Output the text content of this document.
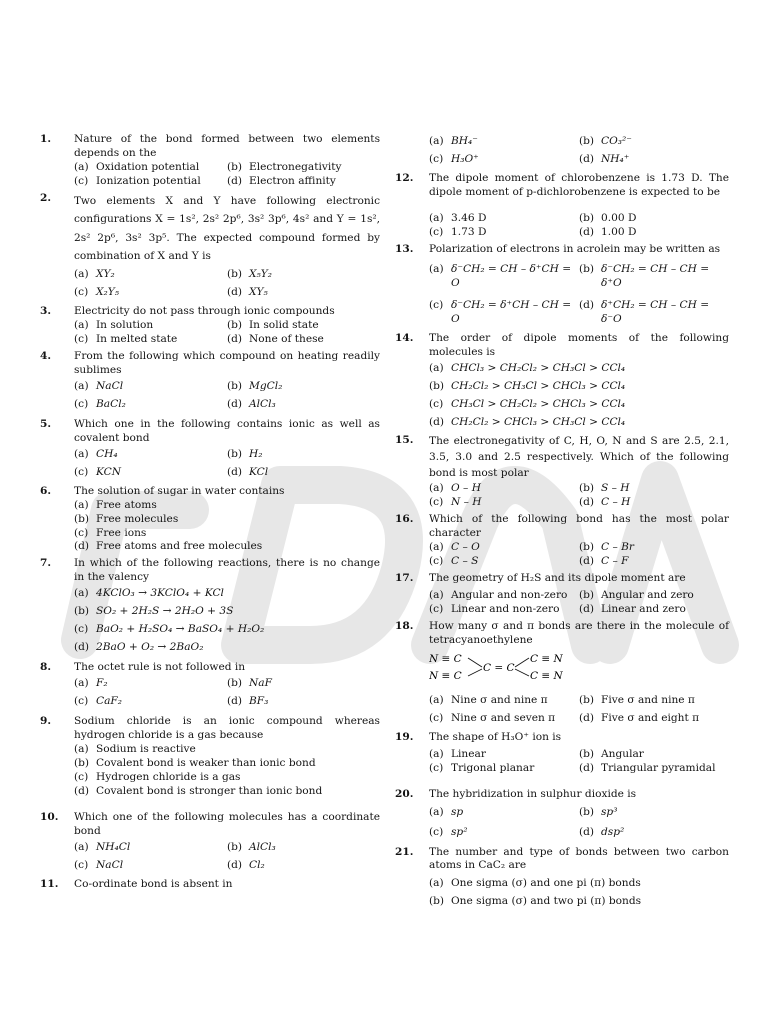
1.	Nature of the bond formed between two elements depends on the
(a) Oxidation potential	(b) Electronegativity
(c) Ionization potential (d) Electron affinity
2.	Two elements X and Y have following electronic configurations X = 1s², 2s² 2p⁶, 3s² 3p⁶, 4s² and Y = 1s², 2s² 2p⁶, 3s² 3p⁵. The expected compound formed by combination of X and Y is
(a) XY₂	(b) X₅Y₂
(c) X₂Y₅	(d) XY₅
3.	Electricity do not pass through ionic compounds
(a) In solution	(b) In solid state
(c) In melted state	(d) None of these
4.	From the following which compound on heating readily sublimes
(a) NaCl	(b) MgCl₂
(c) BaCl₂	(d) AlCl₃
5.	Which one in the following contains ionic as well as covalent bond
(a) CH₄	(b) H₂
(c) KCN	(d) KCl
6.	The solution of sugar in water contains
(a) Free atoms
(b) Free molecules
(c) Free ions
(d) Free atoms and free molecules
7.	In which of the following reactions, there is no change in the valency
(a) 4KClO₃ → 3KClO₄ + KCl
(b) SO₂ + 2H₂S → 2H₂O + 3S
(c) BaO₂ + H₂SO₄ → BaSO₄ + H₂O₂
(d) 2BaO + O₂ → 2BaO₂
8.	The octet rule is not followed in
(a) F₂	(b) NaF
(c) CaF₂	(d) BF₃
9.	Sodium chloride is an ionic compound whereas hydrogen chloride is a gas because
(a) Sodium is reactive
(b) Covalent bond is weaker than ionic bond
(c) Hydrogen chloride is a gas
(d) Covalent bond is stronger than ionic bond
10.	Which one of the following molecules has a coordinate bond
(a) NH₄Cl	(b) AlCl₃
(c) NaCl	(d) Cl₂
11.	Co-ordinate bond is absent in
(a) BH₄⁻	(b) CO₃²⁻
(c) H₃O⁺	(d) NH₄⁺
12.	The dipole moment of chlorobenzene is 1.73 D. The dipole moment of p-dichlorobenzene is expected to be
(a) 3.46 D	(b) 0.00 D
(c) 1.73 D	(d) 1.00 D
13.	Polarization of electrons in acrolein may be written as
(a) δ⁻CH₂ = CH – δ⁺CH = O
(b) δ⁻CH₂ = CH – CH = δ⁺O
(c) δ⁻CH₂ = δ⁺CH – CH = O
(d) δ⁺CH₂ = CH – CH = δ⁻O
14.	The order of dipole moments of the following molecules is
(a) CHCl₃ > CH₂Cl₂ > CH₃Cl > CCl₄
(b) CH₂Cl₂ > CH₃Cl > CHCl₃ > CCl₄
(c) CH₃Cl > CH₂Cl₂ > CHCl₃ > CCl₄
(d) CH₂Cl₂ > CHCl₃ > CH₃Cl > CCl₄
15.	The electronegativity of C, H, O, N and S are 2.5, 2.1, 3.5, 3.0 and 2.5 respectively. Which of the following bond is most polar
(a) O – H	(b) S – H
(c) N – H	(d) C – H
16.	Which of the following bond has the most polar character
(a) C – O	(b) C – Br
(c) C – S	(d) C – F
17.	The geometry of H₂S and its dipole moment are
(a) Angular and non-zero (b) Angular and zero
(c) Linear and non-zero (d) Linear and zero
18.	How many σ and π bonds are there in the molecule of tetracyanoethylene
N ≡ C
N ≡ C
C = C
C ≡ N
C ≡ N
(a) Nine σ and nine π	(b) Five σ and nine π
(c) Nine σ and seven π (d) Five σ and eight π
19.	The shape of H₃O⁺ ion is
(a) Linear	(b) Angular
(c) Trigonal planar	(d) Triangular pyramidal
20.	The hybridization in sulphur dioxide is
(a) sp	(b) sp³
(c) sp²	(d) dsp²
21.	The number and type of bonds between two carbon atoms in CaC₂ are
(a) One sigma (σ) and one pi (π) bonds
(b) One sigma (σ) and two pi (π) bonds
